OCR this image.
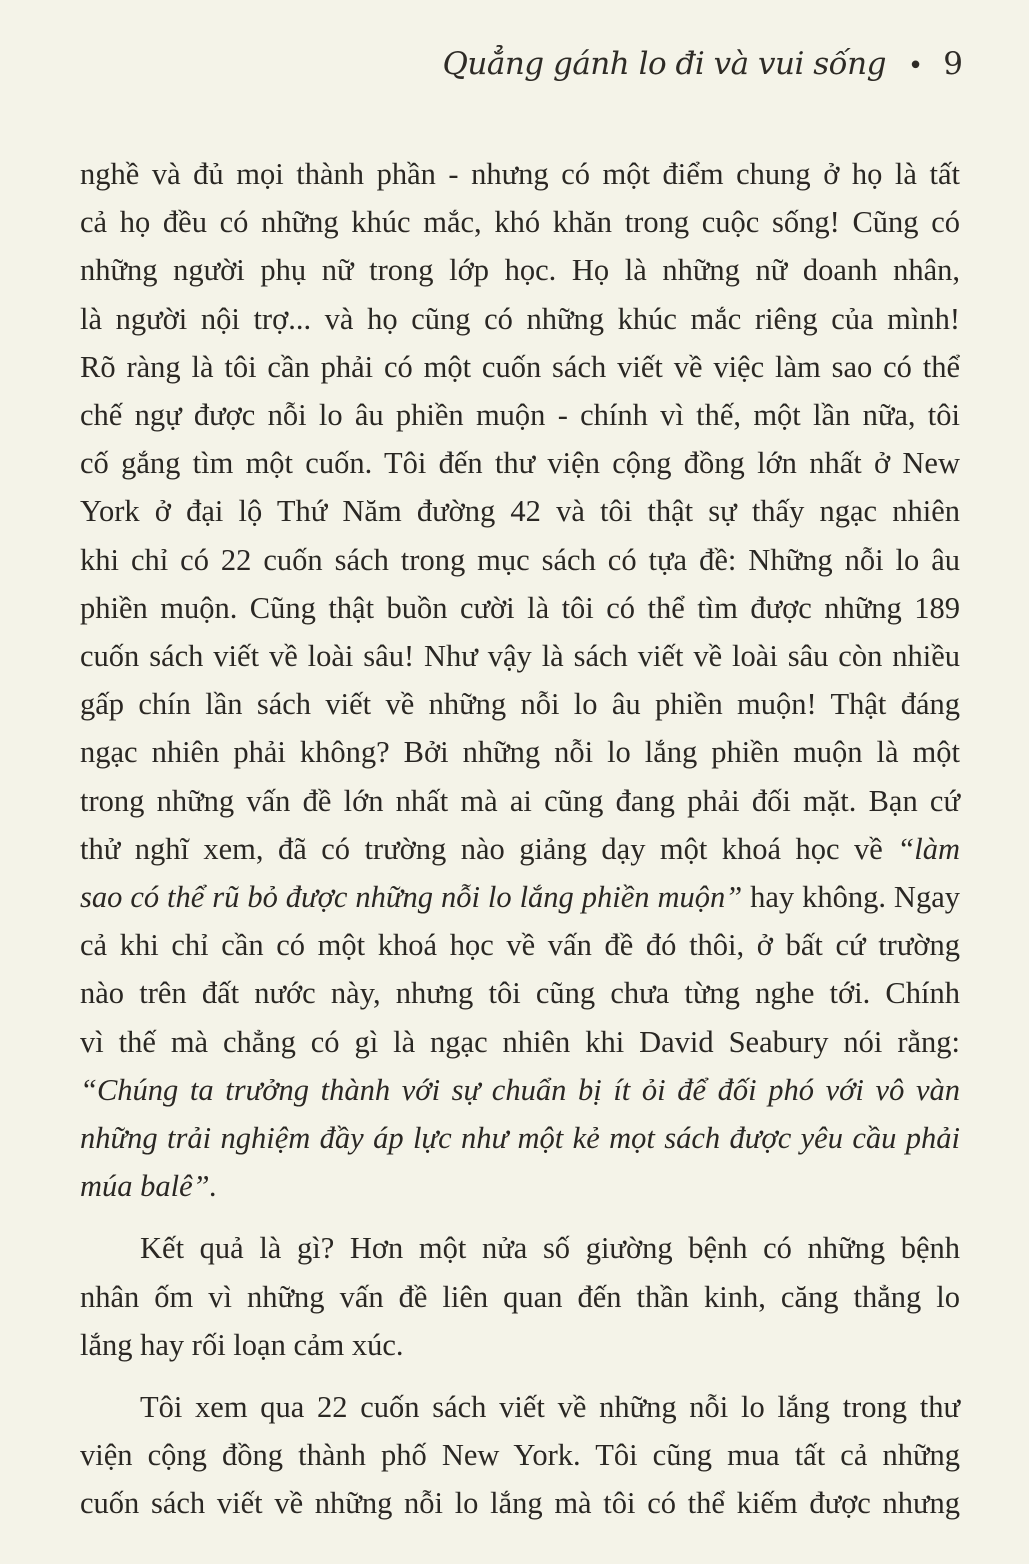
Quẳng gánh lo đi và vui sống • 9
nghề và đủ mọi thành phần - nhưng có một điểm chung ở họ là tất
cả họ đều có những khúc mắc, khó khăn trong cuộc sống! Cũng có
những người phụ nữ trong lớp học. Họ là những nữ doanh nhân,
là người nội trợ... và họ cũng có những khúc mắc riêng của mình!
Rõ ràng là tôi cần phải có một cuốn sách viết về việc làm sao có thể
chế ngự được nỗi lo âu phiền muộn - chính vì thế, một lần nữa, tôi
cố gắng tìm một cuốn. Tôi đến thư viện cộng đồng lớn nhất ở New
York ở đại lộ Thứ Năm đường 42 và tôi thật sự thấy ngạc nhiên
khi chỉ có 22 cuốn sách trong mục sách có tựa đề: Những nỗi lo âu
phiền muộn. Cũng thật buồn cười là tôi có thể tìm được những 189
cuốn sách viết về loài sâu! Như vậy là sách viết về loài sâu còn nhiều
gấp chín lần sách viết về những nỗi lo âu phiền muộn! Thật đáng
ngạc nhiên phải không? Bởi những nỗi lo lắng phiền muộn là một
trong những vấn đề lớn nhất mà ai cũng đang phải đối mặt. Bạn cứ
thử nghĩ xem, đã có trường nào giảng dạy một khoá học về “làm
sao có thể rũ bỏ được những nỗi lo lắng phiền muộn” hay không. Ngay
cả khi chỉ cần có một khoá học về vấn đề đó thôi, ở bất cứ trường
nào trên đất nước này, nhưng tôi cũng chưa từng nghe tới. Chính
vì thế mà chẳng có gì là ngạc nhiên khi David Seabury nói rằng:
“Chúng ta trưởng thành với sự chuẩn bị ít ỏi để đối phó với vô vàn
những trải nghiệm đầy áp lực như một kẻ mọt sách được yêu cầu phải
múa balê”.
Kết quả là gì? Hơn một nửa số giường bệnh có những bệnh
nhân ốm vì những vấn đề liên quan đến thần kinh, căng thẳng lo
lắng hay rối loạn cảm xúc.
Tôi xem qua 22 cuốn sách viết về những nỗi lo lắng trong thư
viện cộng đồng thành phố New York. Tôi cũng mua tất cả những
cuốn sách viết về những nỗi lo lắng mà tôi có thể kiếm được nhưng
